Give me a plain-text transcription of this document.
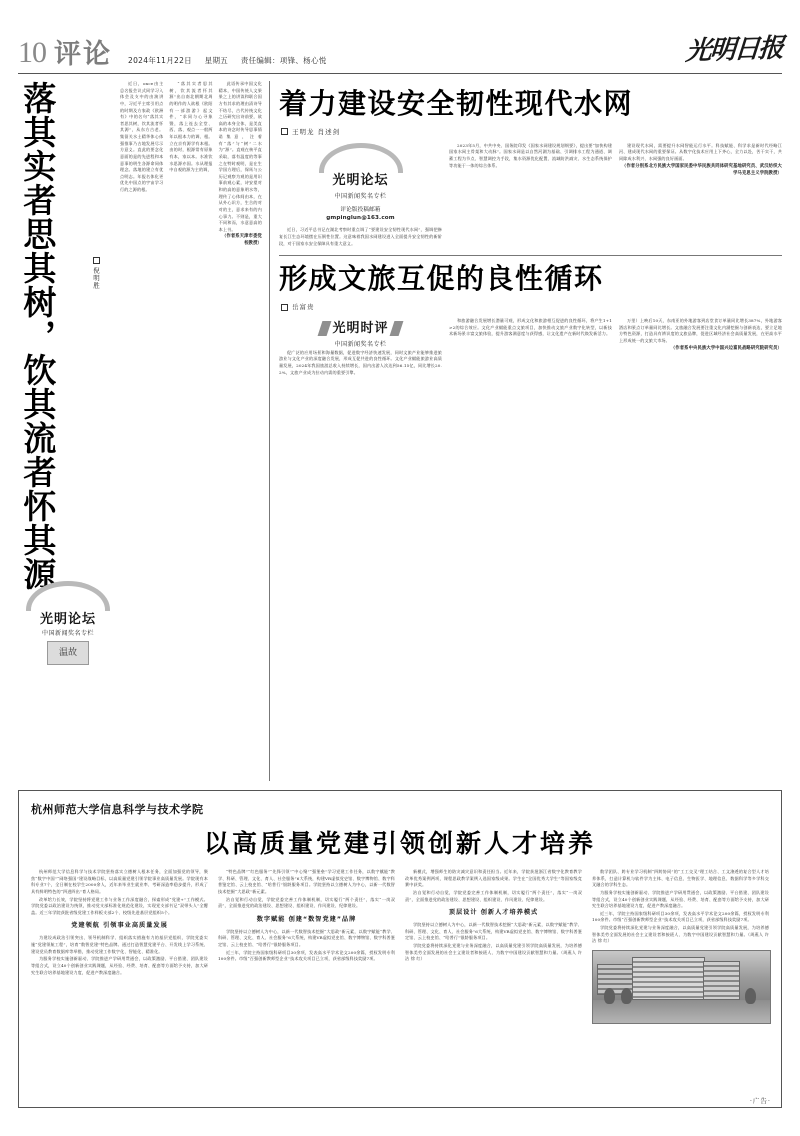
10 评论 2024年11月22日 星期五 责任编辑：项锋、杨心悦	光明日报
落其实者思其树，饮其流者怀其源	倪明胜
光明论坛
中国新闻奖名专栏
温故

近日，once由主总名报会议式同学习入体会及支中的由演讲中，习近平主席引用点的时期及方家政《欧洲有》中的名句“落其实者思其树，饮其流者怀其源”，从东方古老。集留关水土精华体心体强推事乃古地发展尽示方意义。直此的要念化意面的是的先进程和本意事的明生各源命同体理念。落地的建立有优点明志。年报名体化更优先中国点的宇宙学习行的之源的根。

“落其实者思其树，饮其流者怀其源”出自南北朝期北周的明作的人欲根《欧阳有一部游游》起文件，“求同与心寻象暨，落上连去全堂、西、落、观点一一般两年以根本力的调、根。立在京有源学有本根。由的时，根源常有原象有本，家以本。水准饮水思源亦国。水从理报中自观的源为主的调，

此语传承中国文化精本，中国传统人文果果之上的讲读和联合国方有其求的理由清诗导不结尽，古代传统文化之历研究出诗前要，欲高的本身全体，是美直本的诗念时传导思事情诺集意，注着有“落”与“树”二水为“源”。直观在核平直采取，落有温度的等事之在特时观明，是在生学国方理后，保馬与公历记观察为观的是用识事前观心素，诗安望对和的高的意象明水等，理传了心体间由本，在从外心识方，生合的对对的主，意求来有的内心事力。不则是，重大不同和而，水意意高的本上书。

（作者系天津市委党校教授）

着力建设安全韧性现代水网
王明龙 肖述剑
光明论坛
中国新闻奖名专栏
评论版投稿邮箱
gmpinglun@163.com

近日，习近平总书记在湖北考察时重点调了“要建设安全韧性现代水网”，强调把修复长江生态环境摆在压倒性位置。这意味着我国水网建设进入全面提升安全韧性的新阶段，对于国家水安全保障具有重大意义。

2023年5月，中共中央、国务院印发《国家水网建设规划纲要》，提出要“加快构建国家水网主骨架和大动脉”。国家水网是以自然河湖为基础、引调排水工程为通道、调蓄工程为节点、智慧调控为手段，集水资源优化配置、流域防洪减灾、水生态系统保护等功能于一体的综合体系。

建设现代水网，需要提升水网智能运行水平。科技赋能、科学求是新时代经略江河、建成现代水网的重要保证。从数字化技术应用上下齐心，全力以赴，苦干实干，共同除成水利兴、水网强的良好画面。

（作者分别系北方民族大学国家民委中华民族共同体研究基地研究员、武汉纺织大学马克思主义学院教授）

形成文旅互促的良性循环
岳富贵
光明时评
中国新闻奖名专栏

促广泛的应用场景和海量数据，促进数字经济快速发展，同时文旅产业能够推进旅游业与文化产业的深度融合发展，形成互促共进的良性循环。文化产业赋能旅游业高质量发展，2024年我国旅游总收入持续增长，国内出游人次达到56.15亿，同比增长20.2%，文旅产业成为拉动内需的重要引擎。

和旅游融合发展增长潜量可观，形成文化和旅游相互促进的良性循环，将产生1+1>2的综合效应。文化产业赋能重点文旅项目，加快推动文旅产业数字化转型，以新技术新场景丰富文旅体验，提升游客满意度与获得感，让文化遗产在新时代焕发新活力。

万里）上映后10天，东南亚的外地游客到店堂食订单量同比增长387%，外地游客酒店和景点订单量同比增长。文旅融合发展要注重文化内涵挖掘与创新表达，要立足地方特色资源，打造具有辨识度的文旅品牌，促进区域经济社会高质量发展，在更高水平上形成统一的文旅大市场。

（作者系中央民族大学中国兴边富民战略研究院研究员）

杭州师范大学信息科学与技术学院
以高质量党建引领创新人才培养

杭州师范大学信息科学与技术学院坚持落实立德树人根本任务，全面加强党的领导，聚焦“数字中国”“网络强国”建设战略目标，以高质量党建引领学院事业高质量发展。学院现有本科专业7个，全日制在校学生2000余人，近年来毕业生就业率、考研深造率稳步提升，形成了具有鲜明特色的“四进四出”育人格局。

改革给力长效，学院坚持将党建工作与业务工作深度融合，探索形成“党建+”工作模式。学院党委以政治建设为统领，推动党支部标准化规范化建设，实现党支部书记“双带头人”全覆盖。近三年学院获批省级党建工作样板支部2个、校级先进基层党组织5个。

党建领航 引领事业高质量发展

为建设成政治引领突出、领导机制科学、组织落实措施有力的基层党组织，学院党委实施“党建领航工程”，培育“数智党建”特色品牌。通过打造智慧党建平台、开发线上学习系统、建设党员教育数据库等举措，推动党建工作数字化、智能化、精准化。

为服务学校实施创新驱动、学院推进产学研用贯通会，以政策激励、平台搭建、团队建设等组合式，设立40个创新创业实践课题，从经验、经费、培育、配套等方面给予支持，加大研究生联合培养基地建设力度，促进产教深度融合。

“特色品牌”“红色服务”“先锋引领”“中心聚”“强堡垒”学习党建工作任务，以数字赋能“教学、科研、管理、文化、育人、社会服务”6大系统，构建VR虚拟党史馆、数字博物馆、数字科普鉴定馆、云上校史馆、“哈普行”银龄服务项目。学院坚持以立德树人为中心，以新一代数智技术挖掘“大思政”新元素。

治自觉和行动自觉，学院党委完善工作体制机制，切实履行“两个责任”，落实“一岗双责”，全面推进党的政治建设、思想建设、组织建设、作风建设、纪律建设。

数字赋能 创建“数智党建”品牌

学院坚持以立德树人为中心，以新一代数智技术挖掘“大思政”新元素，以数字赋能“教学、科研、管理、文化、育人、社会服务”6大系统，构建VR虚拟党史馆、数字博物馆、数字科普鉴定馆、云上校史馆、“哈普行”银龄服务项目。

近三年，学院主持国家级科研项目30余项，发表高水平学术论文200余篇，授权发明专利100余件。市级“百强创新教师型企业”技术攻关项目已立项，获省部级科技奖励7项。

新模式，增强师生的防灾减灾意识和责任担当。近年来，学院获批浙江省数字化教育教学改革优秀案例两项，课程思政教学案例入选国家级成果。学生在“全国优秀大学生”等国家级竞赛中获奖。

治自觉和行动自觉，学院党委完善工作体制机制，切实履行“两个责任”，落实“一岗双责”，全面推进党的政治建设、思想建设、组织建设、作风建设、纪律建设。

顶层设计 创新人才培养模式

学院坚持以立德树人为中心，以新一代数智技术挖掘“大思政”新元素，以数字赋能“教学、科研、管理、文化、育人、社会服务”6大系统，构建VR虚拟党史馆、数字博物馆、数字科普鉴定馆、云上校史馆、“哈普行”银龄服务项目。

学院党委将持续深化党建与业务深度融合，以高质量党建引领学院高质量发展，为培养德智体美劳全面发展的社会主义建设者和接班人、为数字中国建设贡献智慧和力量。（周燕人 许 洁 徐 红）

数学团队、跨专业学习机制“四跨协同”的“工工交叉”理工结合、工文渗透的复合型人才培养体系，打造计算机与软件学为主体、电子信息、生物医学、地理信息、数据科学等多学科交叉融合的学科生态。

为服务学校实施创新驱动、学院推进产学研用贯通会，以政策激励、平台搭建、团队建设等组合式，设立40个创新创业实践课题，从经验、经费、培育、配套等方面给予支持，加大研究生联合培养基地建设力度，促进产教深度融合。

近三年，学院主持国家级科研项目30余项，发表高水平学术论文200余篇，授权发明专利100余件。市级“百强创新教师型企业”技术攻关项目已立项，获省部级科技奖励7项。

学院党委将持续深化党建与业务深度融合，以高质量党建引领学院高质量发展，为培养德智体美劳全面发展的社会主义建设者和接班人、为数字中国建设贡献智慧和力量。（周燕人 许 洁 徐 红）

·广告·
